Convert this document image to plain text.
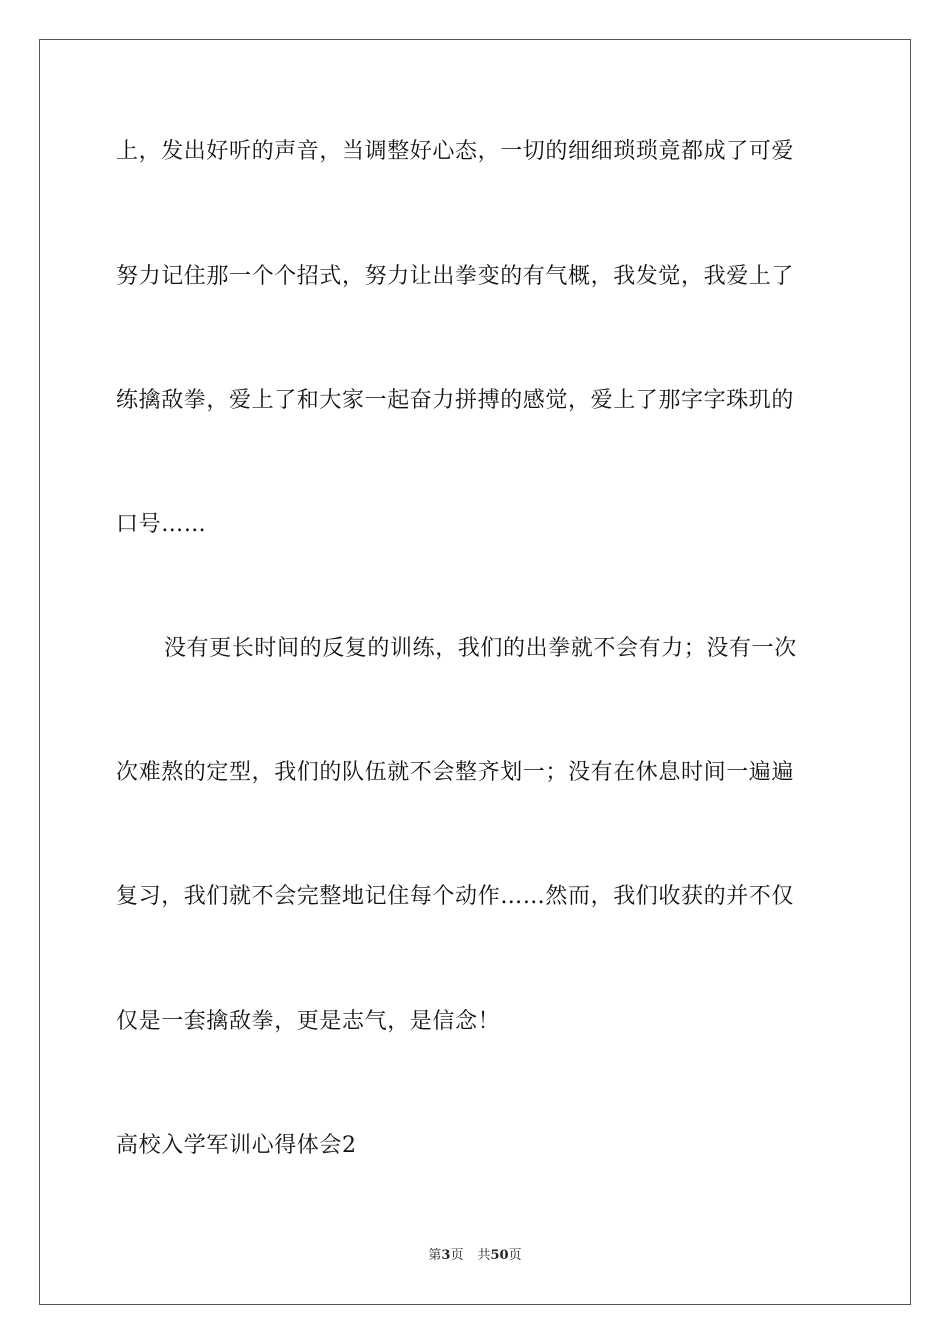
上，发出好听的声音，当调整好心态，一切的细细琐琐竟都成了可爱
努力记住那一个个招式，努力让出拳变的有气概，我发觉，我爱上了
练擒敌拳，爱上了和大家一起奋力拼搏的感觉，爱上了那字字珠玑的
口号……
没有更长时间的反复的训练，我们的出拳就不会有力；没有一次
次难熬的定型，我们的队伍就不会整齐划一；没有在休息时间一遍遍
复习，我们就不会完整地记住每个动作……然而，我们收获的并不仅
仅是一套擒敌拳，更是志气，是信念！
高校入学军训心得体会2
第3页 共50页
